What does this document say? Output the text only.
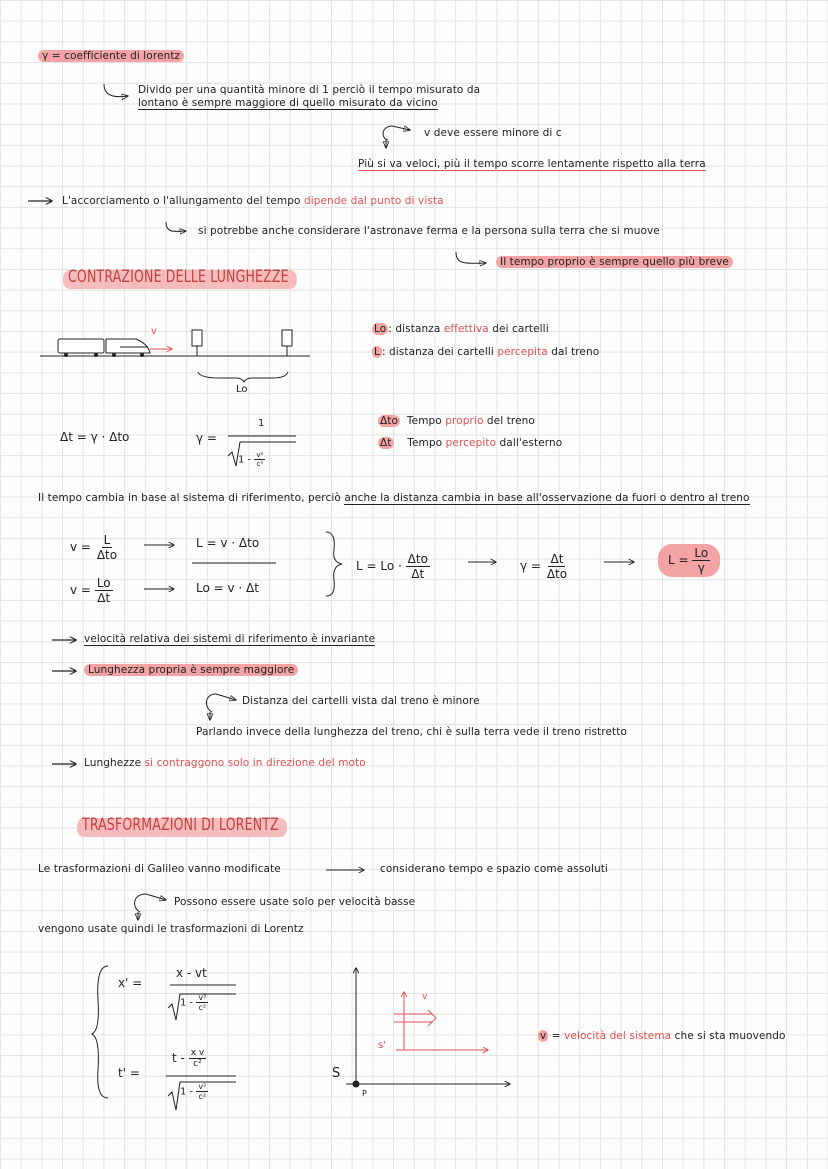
γ = coefficiente di lorentz
Divido per una quantità minore di 1 perciò il tempo misurato da
lontano è sempre maggiore di quello misurato da vicino
v deve essere minore di c
Più si va veloci, più il tempo scorre lentamente rispetto alla terra
L'accorciamento o l'allungamento del tempo dipende dal punto di vista
si potrebbe anche considerare l'astronave ferma e la persona sulla terra che si muove
Il tempo proprio è sempre quello più breve
CONTRAZIONE DELLE LUNGHEZZE
Lo : distanza effettiva dei cartelli
L : distanza dei cartelli percepita dal treno
Lo
v
Δt = γ · Δto	γ =
1
$1 - \frac{\text{v²}}{\text{c²}}$
Δto Tempo proprio del treno
Δt Tempo percepito dall'esterno
Il tempo cambia in base al sistema di riferimento, perciò anche la distanza cambia in base all'osservazione da fuori o dentro al treno
$v = \frac{L}{\text{Δto}}$	L = v · Δto
$v = \frac{Lo}{\Delta t}$	Lo = v · Δt
$L = Lo \cdot \frac{\text{Δto}}{\Delta t}$	$\gamma = \frac{\Delta t}{\text{Δto}}$	$L = \frac{Lo}{\gamma}$
velocità relativa dei sistemi di riferimento è invariante
Lunghezza propria è sempre maggiore
Distanza dei cartelli vista dal treno è minore
Parlando invece della lunghezza del treno, chi è sulla terra vede il treno ristretto
Lunghezze si contraggono solo in direzione del moto
TRASFORMAZIONI DI LORENTZ
Le trasformazioni di Galileo vanno modificate	considerano tempo e spazio come assoluti
Possono essere usate solo per velocità basse
vengono usate quindi le trasformazioni di Lorentz
x' =
x - vt
$1 - \frac{\text{v²}}{\text{c²}}$
t' =
t - $\frac{\text{x v}}{\text{c²}}$
$1 - \frac{\text{v²}}{\text{c²}}$
S
s'
P
v
v = velocità del sistema che si sta muovendo
